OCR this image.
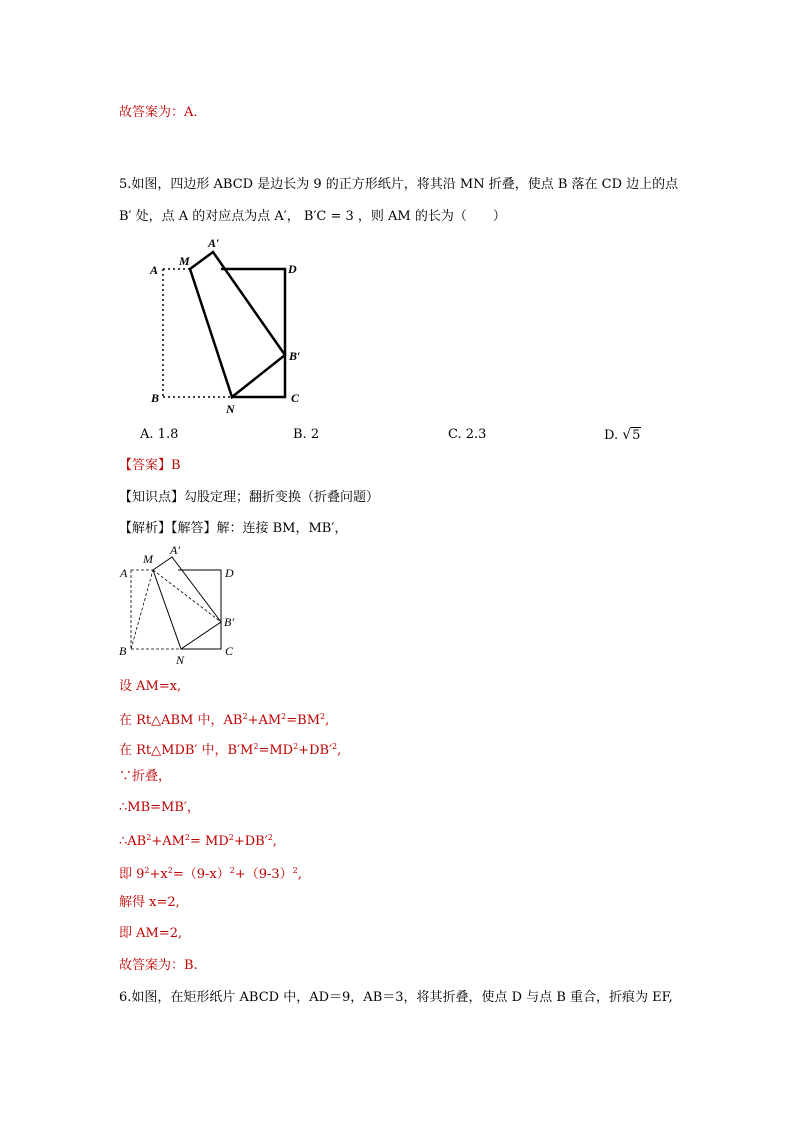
故答案为：A.
5.如图，四边形 ABCD 是边长为 9 的正方形纸片，将其沿 MN 折叠，使点 B 落在 CD 边上的点
B′ 处，点 A 的对应点为点 A′， B′C = 3 ，则 AM 的长为（　　）
A
M
A′
D
B′
B
N
C
A. 1.8	B. 2	C. 2.3	D. √5
【答案】B
【知识点】勾股定理；翻折变换（折叠问题）
【解析】【解答】解：连接 BM，MB′，
A
M
A′
D
B′
B
N
C
设 AM=x,
在 Rt△ABM 中，$AB^2+AM^2=BM^2$,
在 Rt△MDB′ 中，$B'M^2=MD^2+DB'^2$,
∵折叠，
∴MB=MB′，
$\therefore AB^2+AM^2= MD^2+DB'^2$,
即 $9^2+x^2=(9-x)^2+(9-3)^2$,
解得 x=2,
即 AM=2,
故答案为：B.
6.如图，在矩形纸片 ABCD 中，AD＝9，AB＝3，将其折叠，使点 D 与点 B 重合，折痕为 EF,
